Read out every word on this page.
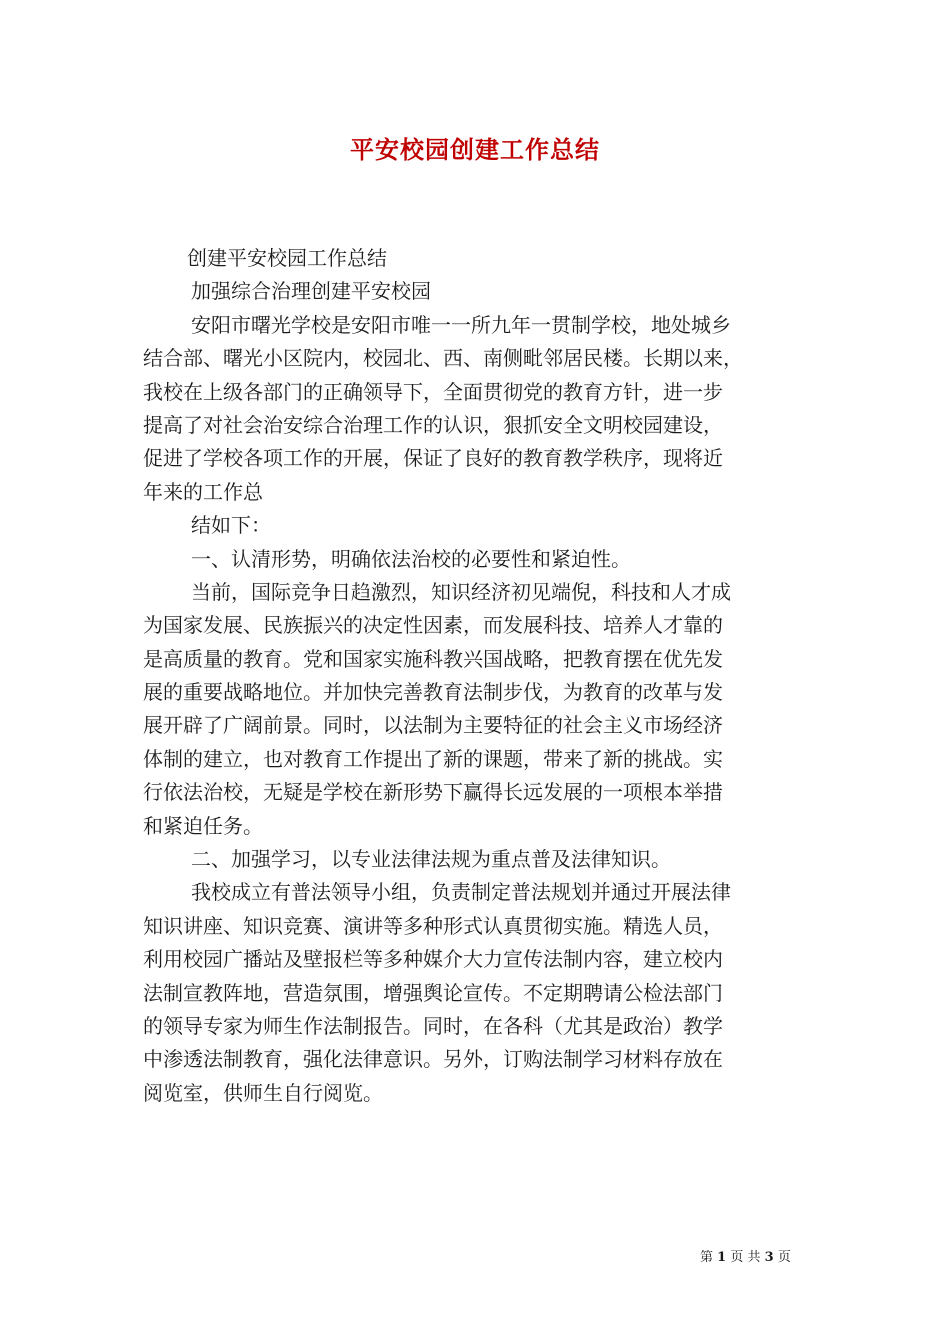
平安校园创建工作总结
创建平安校园工作总结
加强综合治理创建平安校园
安阳市曙光学校是安阳市唯一一所九年一贯制学校，地处城乡
结合部、曙光小区院内，校园北、西、南侧毗邻居民楼。长期以来，
我校在上级各部门的正确领导下，全面贯彻党的教育方针，进一步
提高了对社会治安综合治理工作的认识，狠抓安全文明校园建设，
促进了学校各项工作的开展，保证了良好的教育教学秩序，现将近
年来的工作总
结如下：
一、认清形势，明确依法治校的必要性和紧迫性。
当前，国际竞争日趋激烈，知识经济初见端倪，科技和人才成
为国家发展、民族振兴的决定性因素，而发展科技、培养人才靠的
是高质量的教育。党和国家实施科教兴国战略，把教育摆在优先发
展的重要战略地位。并加快完善教育法制步伐，为教育的改革与发
展开辟了广阔前景。同时，以法制为主要特征的社会主义市场经济
体制的建立，也对教育工作提出了新的课题，带来了新的挑战。实
行依法治校，无疑是学校在新形势下赢得长远发展的一项根本举措
和紧迫任务。
二、加强学习，以专业法律法规为重点普及法律知识。
我校成立有普法领导小组，负责制定普法规划并通过开展法律
知识讲座、知识竞赛、演讲等多种形式认真贯彻实施。精选人员，
利用校园广播站及壁报栏等多种媒介大力宣传法制内容，建立校内
法制宣教阵地，营造氛围，增强舆论宣传。不定期聘请公检法部门
的领导专家为师生作法制报告。同时，在各科（尤其是政治）教学
中渗透法制教育，强化法律意识。另外，订购法制学习材料存放在
阅览室，供师生自行阅览。
第 1 页 共 3 页
